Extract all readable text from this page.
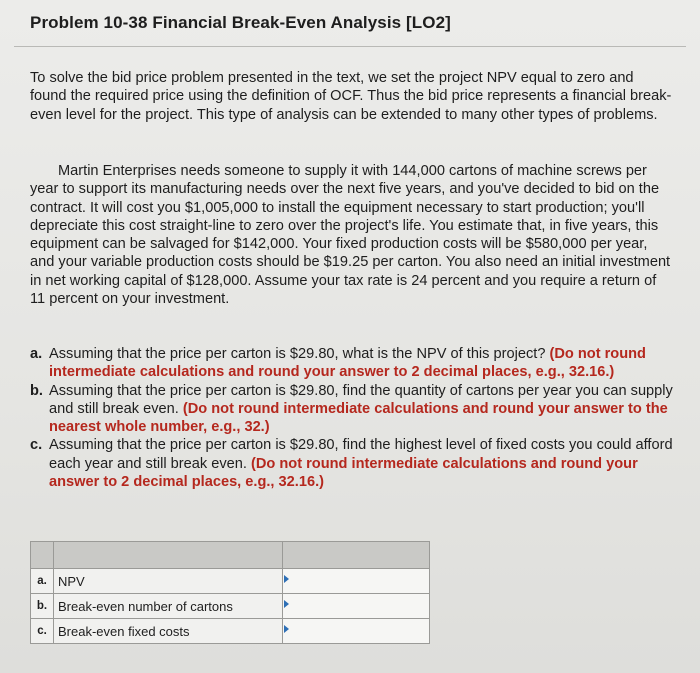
Problem 10-38 Financial Break-Even Analysis [LO2]

To solve the bid price problem presented in the text, we set the project NPV equal to zero and found the required price using the definition of OCF. Thus the bid price represents a financial break-even level for the project. This type of analysis can be extended to many other types of problems.

Martin Enterprises needs someone to supply it with 144,000 cartons of machine screws per year to support its manufacturing needs over the next five years, and you've decided to bid on the contract. It will cost you $1,005,000 to install the equipment necessary to start production; you'll depreciate this cost straight-line to zero over the project's life. You estimate that, in five years, this equipment can be salvaged for $142,000. Your fixed production costs will be $580,000 per year, and your variable production costs should be $19.25 per carton. You also need an initial investment in net working capital of $128,000. Assume your tax rate is 24 percent and you require a return of 11 percent on your investment.

a. Assuming that the price per carton is $29.80, what is the NPV of this project? (Do not round intermediate calculations and round your answer to 2 decimal places, e.g., 32.16.)
b. Assuming that the price per carton is $29.80, find the quantity of cartons per year you can supply and still break even. (Do not round intermediate calculations and round your answer to the nearest whole number, e.g., 32.)
c. Assuming that the price per carton is $29.80, find the highest level of fixed costs you could afford each year and still break even. (Do not round intermediate calculations and round your answer to 2 decimal places, e.g., 32.16.)

a.	NPV	

b.	Break-even number of cartons	

c.	Break-even fixed costs	
